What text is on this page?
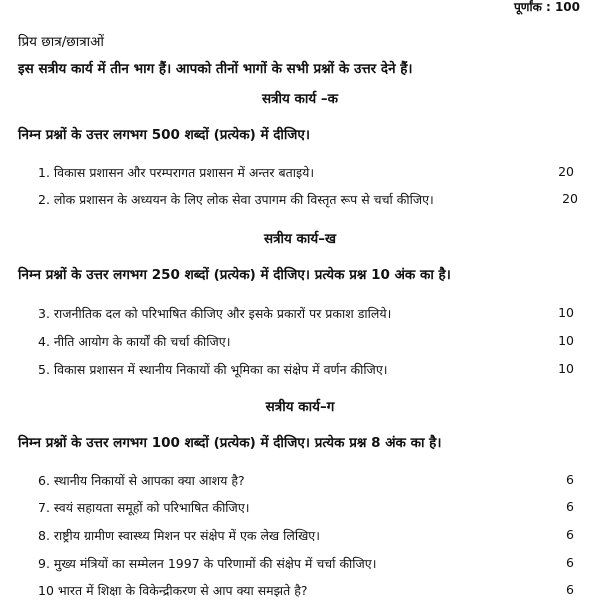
पूर्णांक : 100
प्रिय छात्र/छात्राओं
इस सत्रीय कार्य में तीन भाग हैं। आपको तीनों भागों के सभी प्रश्नों के उत्तर देने हैं।
सत्रीय कार्य –क
निम्न प्रश्नों के उत्तर लगभग 500 शब्दों (प्रत्येक) में दीजिए।
1. विकास प्रशासन और परम्परागत प्रशासन में अन्तर बताइये।	20
2. लोक प्रशासन के अध्ययन के लिए लोक सेवा उपागम की विस्तृत रूप से चर्चा कीजिए।	20
सत्रीय कार्य–ख
निम्न प्रश्नों के उत्तर लगभग 250 शब्दों (प्रत्येक) में दीजिए। प्रत्येक प्रश्न 10 अंक का है।
3. राजनीतिक दल को परिभाषित कीजिए और इसके प्रकारों पर प्रकाश डालिये।	10
4. नीति आयोग के कार्यों की चर्चा कीजिए।	10
5. विकास प्रशासन में स्थानीय निकायों की भूमिका का संक्षेप में वर्णन कीजिए।	10
सत्रीय कार्य–ग
निम्न प्रश्नों के उत्तर लगभग 100 शब्दों (प्रत्येक) में दीजिए। प्रत्येक प्रश्न 8 अंक का है।
6. स्थानीय निकायों से आपका क्या आशय है?	6
7. स्वयं सहायता समूहों को परिभाषित कीजिए।	6
8. राष्ट्रीय ग्रामीण स्वास्थ्य मिशन पर संक्षेप में एक लेख लिखिए।	6
9. मुख्य मंत्रियों का सम्मेलन 1997 के परिणामों की संक्षेप में चर्चा कीजिए।	6
10 भारत में शिक्षा के विकेन्द्रीकरण से आप क्या समझते है?	6
